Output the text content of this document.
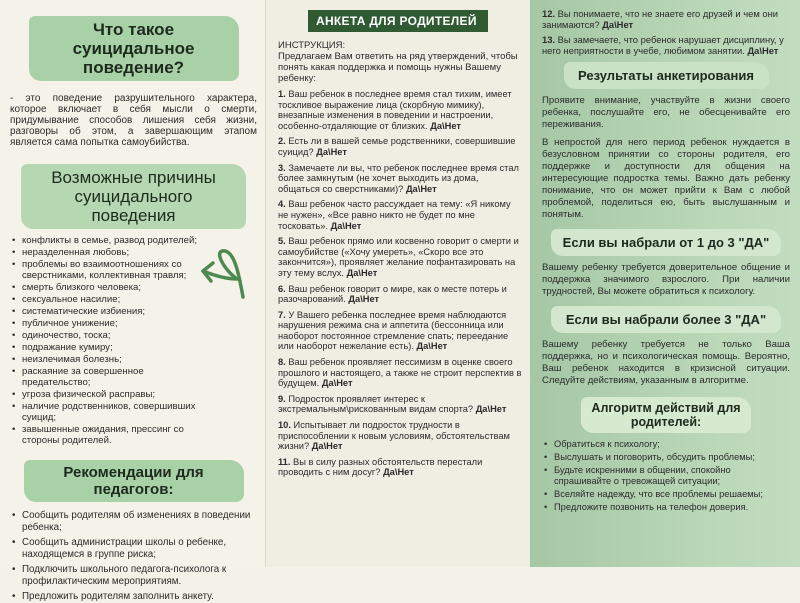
Что такое суицидальное поведение?

- это поведение разрушительного характера, которое включает в себя мысли о смерти, придумывание способов лишения себя жизни, разговоры об этом, а завершающим этапом является сама попытка самоубийства.

Возможные причины суицидального поведения
• конфликты в семье, развод родителей;
• неразделенная любовь;
• проблемы во взаимоотношениях со сверстниками, коллективная травля;
• смерть близкого человека;
• сексуальное насилие;
• систематические избиения;
• публичное унижение;
• одиночество, тоска;
• подражание кумиру;
• неизлечимая болезнь;
• раскаяние за совершенное предательство;
• угроза физической расправы;
• наличие родственников, совершивших суицид;
• завышенные ожидания, прессинг со стороны родителей.
Рекомендации для педагогов:
• Сообщить родителям об изменениях в поведении ребенка;
• Сообщить администрации школы о ребенке, находящемся в группе риска;
• Подключить школьного педагога-психолога к профилактическим мероприятиям.
• Предложить родителям заполнить анкету.
АНКЕТА ДЛЯ РОДИТЕЛЕЙ
ИНСТРУКЦИЯ:

Предлагаем Вам ответить на ряд утверждений, чтобы понять какая поддержка и помощь нужны Вашему ребенку:

1. Ваш ребенок в последнее время стал тихим, имеет тоскливое выражение лица (скорбную мимику), внезапные изменения в поведении и настроении, особенно-отдаляющие от близких. Да\Нет

2. Есть ли в вашей семье родственники, совершившие суицид? Да\Нет

3. Замечаете ли вы, что ребенок последнее время стал более замкнутым (не хочет выходить из дома, общаться со сверстниками)? Да\Нет

4. Ваш ребенок часто рассуждает на тему: «Я никому не нужен», «Все равно никто не будет по мне тосковать». Да\Нет

5. Ваш ребенок прямо или косвенно говорит о смерти и самоубийстве («Хочу умереть», «Скоро все это закончится»), проявляет желание пофантазировать на эту тему вслух. Да\Нет

6. Ваш ребенок говорит о мире, как о месте потерь и разочарований. Да\Нет

7. У Вашего ребенка последнее время наблюдаются нарушения режима сна и аппетита (бессонница или наоборот постоянное стремление спать; переедание или наоборот нежелание есть). Да\Нет

8. Ваш ребенок проявляет пессимизм в оценке своего прошлого и настоящего, а также не строит перспектив в будущем. Да\Нет

9. Подросток проявляет интерес к экстремальным\рискованным видам спорта? Да\Нет

10. Испытывает ли подросток трудности в приспособлении к новым условиям, обстоятельствам жизни? Да\Нет

11. Вы в силу разных обстоятельств перестали проводить с ним досуг? Да\Нет

12. Вы понимаете, что не знаете его друзей и чем они занимаются? Да\Нет

13. Вы замечаете, что ребенок нарушает дисциплину, у него неприятности в учебе, любимом занятии. Да\Нет

Результаты анкетирования

Проявите внимание, участвуйте в жизни своего ребенка, послушайте его, не обесценивайте его переживания.

В непростой для него период ребенок нуждается в безусловном принятии со стороны родителя, его поддержке и доступности для общения на интересующие подростка темы. Важно дать ребенку понимание, что он может прийти к Вам с любой проблемой, поделиться ею, быть выслушанным и понятым.

Если вы набрали от 1 до 3 "ДА"

Вашему ребенку требуется доверительное общение и поддержка значимого взрослого. При наличии трудностей, Вы можете обратиться к психологу.

Если вы набрали более 3 "ДА"

Вашему ребенку требуется не только Ваша поддержка, но и психологическая помощь. Вероятно, Ваш ребенок находится в кризисной ситуации. Следуйте действиям, указанным в алгоритме.

Алгоритм действий для родителей:
• Обратиться к психологу;
• Выслушать и поговорить, обсудить проблемы;
• Будьте искренними в общении, спокойно спрашивайте о тревожащей ситуации;
• Вселяйте надежду, что все проблемы решаемы;
• Предложите позвонить на телефон доверия.
